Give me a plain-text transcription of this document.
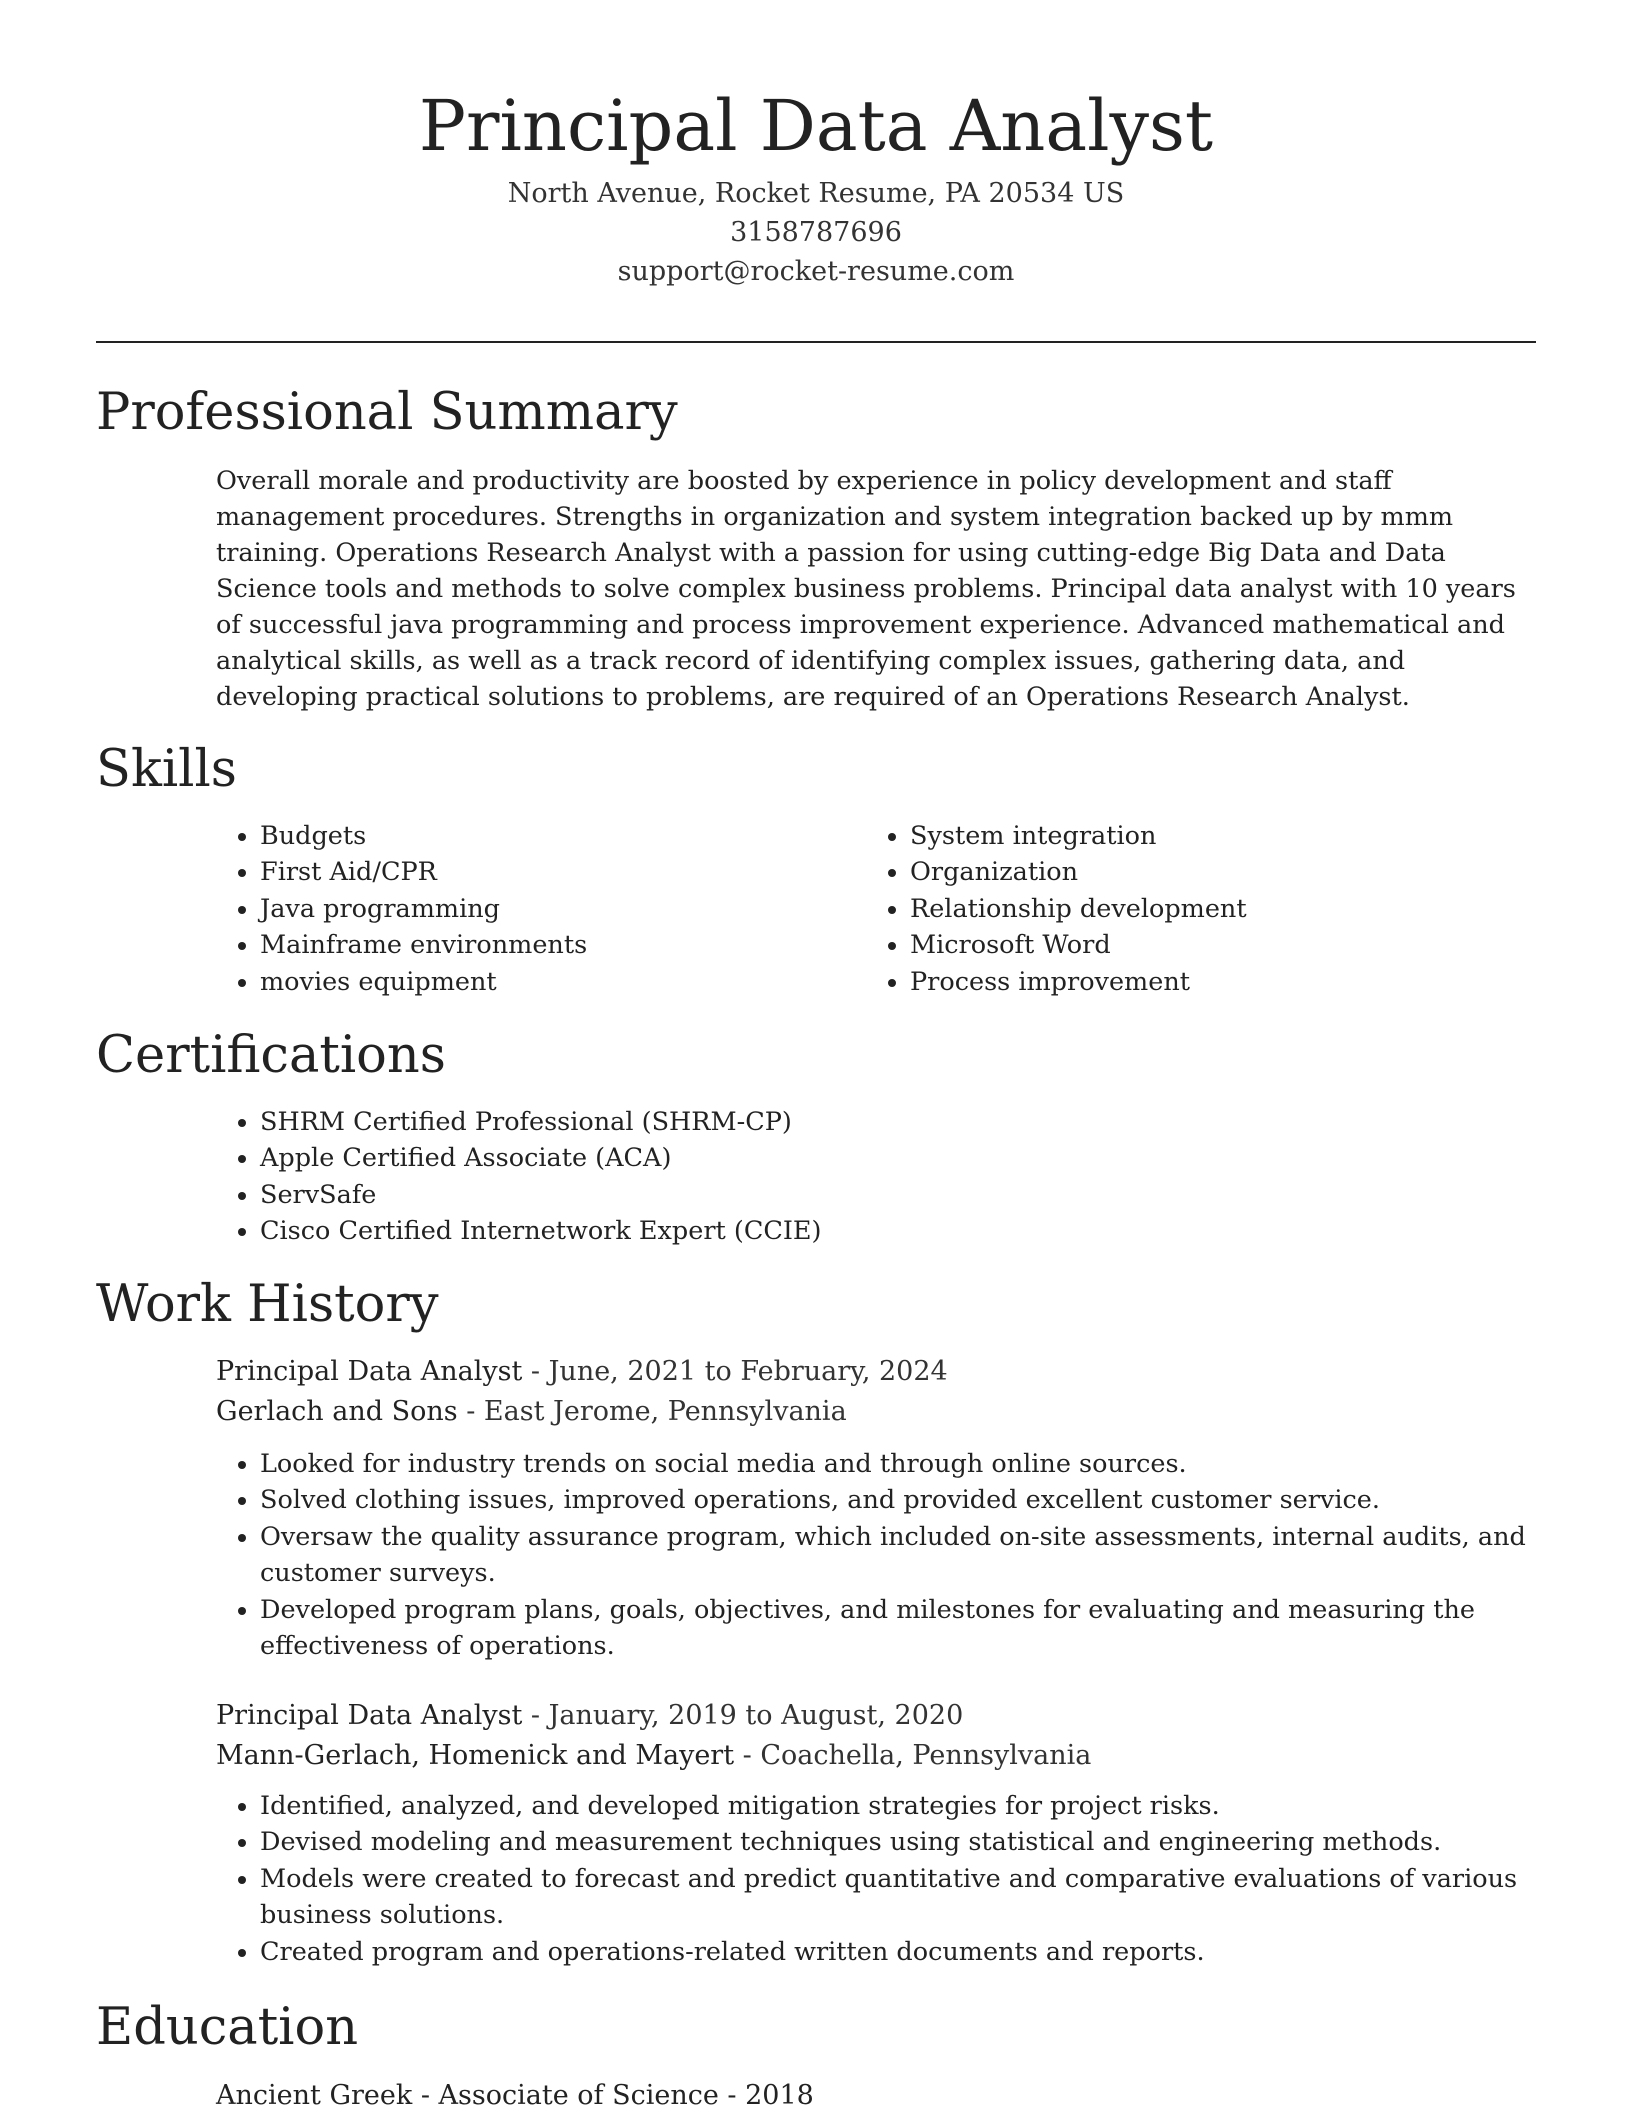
Principal Data Analyst
North Avenue, Rocket Resume, PA 20534 US
3158787696
support@rocket-resume.com
Professional Summary

Overall morale and productivity are boosted by experience in policy development and staff management procedures. Strengths in organization and system integration backed up by mmm training. Operations Research Analyst with a passion for using cutting-edge Big Data and Data Science tools and methods to solve complex business problems. Principal data analyst with 10 years of successful java programming and process improvement experience. Advanced mathematical and analytical skills, as well as a track record of identifying complex issues, gathering data, and developing practical solutions to problems, are required of an Operations Research Analyst.

Skills
• Budgets
• First Aid/CPR
• Java programming
• Mainframe environments
• movies equipment
• System integration
• Organization
• Relationship development
• Microsoft Word
• Process improvement
Certifications
• SHRM Certified Professional (SHRM-CP)
• Apple Certified Associate (ACA)
• ServSafe
• Cisco Certified Internetwork Expert (CCIE)
Work History
Principal Data Analyst - June, 2021 to February, 2024
Gerlach and Sons - East Jerome, Pennsylvania
• Looked for industry trends on social media and through online sources.
• Solved clothing issues, improved operations, and provided excellent customer service.
• Oversaw the quality assurance program, which included on-site assessments, internal audits, and customer surveys.
• Developed program plans, goals, objectives, and milestones for evaluating and measuring the effectiveness of operations.
Principal Data Analyst - January, 2019 to August, 2020
Mann-Gerlach, Homenick and Mayert - Coachella, Pennsylvania
• Identified, analyzed, and developed mitigation strategies for project risks.
• Devised modeling and measurement techniques using statistical and engineering methods.
• Models were created to forecast and predict quantitative and comparative evaluations of various business solutions.
• Created program and operations-related written documents and reports.
Education
Ancient Greek - Associate of Science - 2018
